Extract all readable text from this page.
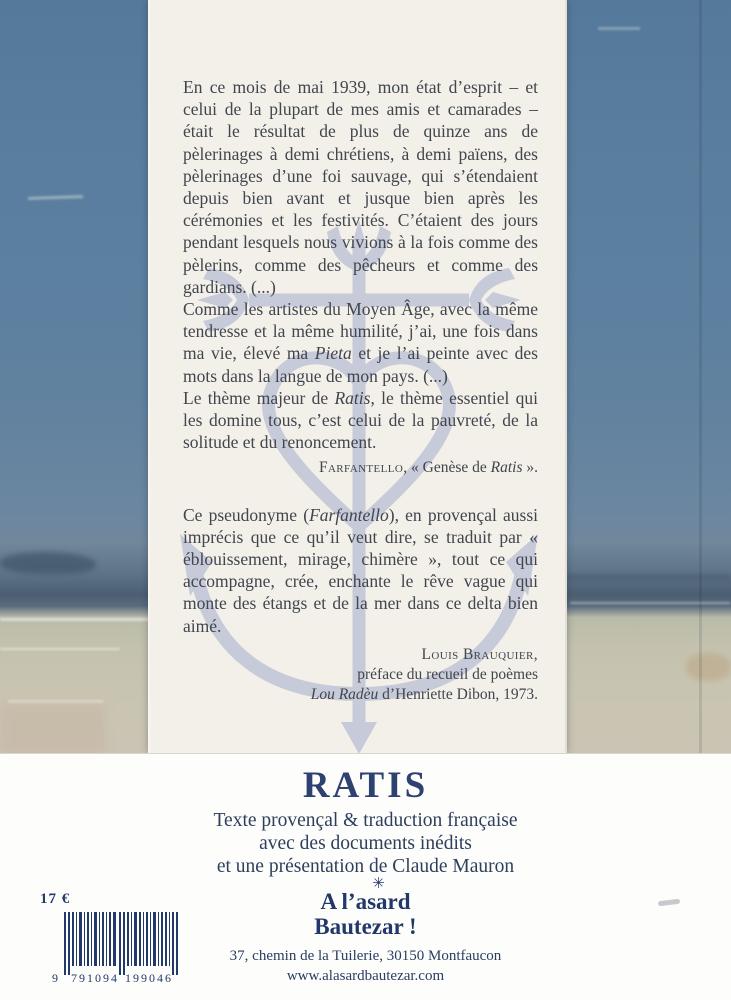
En ce mois de mai 1939, mon état d’esprit – et celui de la plupart de mes amis et camarades – était le résultat de plus de quinze ans de pèlerinages à demi chrétiens, à demi païens, des pèlerinages d’une foi sauvage, qui s’étendaient depuis bien avant et jusque bien après les cérémonies et les festivités. C’étaient des jours pendant lesquels nous vivions à la fois comme des pèlerins, comme des pêcheurs et comme des gardians. (...)

Comme les artistes du Moyen Âge, avec la même tendresse et la même humilité, j’ai, une fois dans ma vie, élevé ma Pieta et je l’ai peinte avec des mots dans la langue de mon pays. (...)

Le thème majeur de Ratis, le thème essentiel qui les domine tous, c’est celui de la pauvreté, de la solitude et du renoncement.

Farfantello, « Genèse de Ratis ».

Ce pseudonyme (Farfantello), en provençal aussi imprécis que ce qu’il veut dire, se traduit par « éblouissement, mirage, chimère », tout ce qui accompagne, crée, enchante le rêve vague qui monte des étangs et de la mer dans ce delta bien aimé.

Louis Brauquier,
préface du recueil de poèmes
Lou Radèu d’Henriette Dibon, 1973.

RATIS
Texte provençal & traduction française
avec des documents inédits
et une présentation de Claude Mauron
17 €
✳
A l’asard
Bautezar !
37, chemin de la Tuilerie, 30150 Montfaucon
www.alasardbautezar.com
9 791094 199046
